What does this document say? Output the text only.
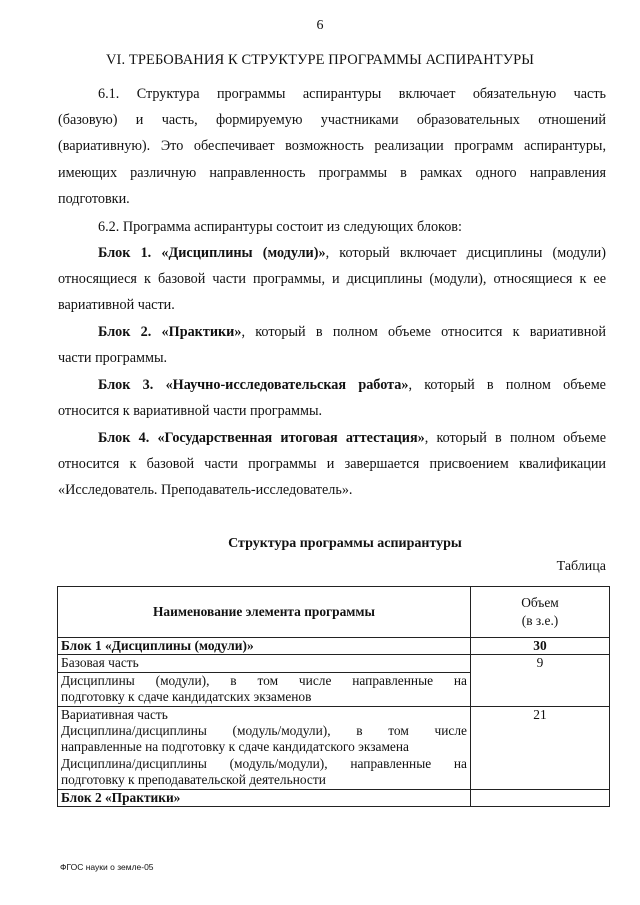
6
VI. ТРЕБОВАНИЯ К СТРУКТУРЕ ПРОГРАММЫ АСПИРАНТУРЫ
6.1. Структура программы аспирантуры включает обязательную часть
(базовую) и часть, формируемую участниками образовательных отношений
(вариативную). Это обеспечивает возможность реализации программ аспирантуры,
имеющих различную направленность программы в рамках одного направления
подготовки.
6.2. Программа аспирантуры состоит из следующих блоков:
Блок 1. «Дисциплины (модули)», который включает дисциплины (модули)
относящиеся к базовой части программы, и дисциплины (модули), относящиеся к ее
вариативной части.
Блок 2. «Практики», который в полном объеме относится к вариативной
части программы.
Блок 3. «Научно-исследовательская работа», который в полном объеме
относится к вариативной части программы.
Блок 4. «Государственная итоговая аттестация», который в полном объеме
относится к базовой части программы и завершается присвоением квалификации
«Исследователь. Преподаватель-исследователь».
Структура программы аспирантуры
Таблица
Наименование элемента программы	Объем
(в з.е.)

Блок 1 «Дисциплины (модули)»	30

Базовая часть
Дисциплины (модули), в том числе направленные на
подготовку к сдаче кандидатских экзаменов	9

Вариативная часть
Дисциплина/дисциплины (модуль/модули), в том числе
направленные на подготовку к сдаче кандидатского экзамена
Дисциплина/дисциплины (модуль/модули), направленные на
подготовку к преподавательской деятельности	21
Блок 2 «Практики»	
ФГОС науки о земле-05
